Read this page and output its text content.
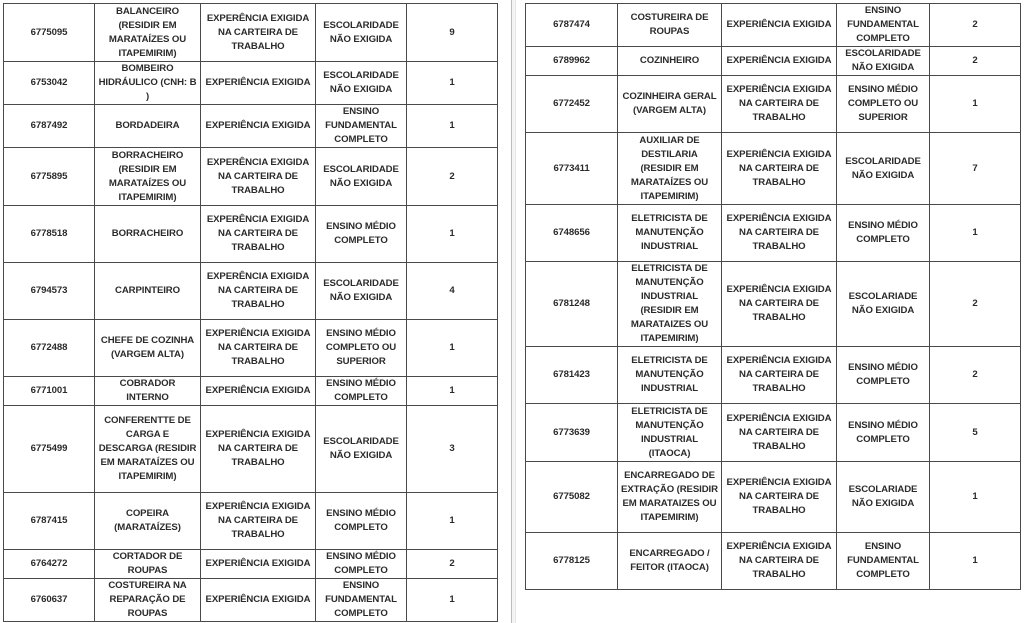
6775095	BALANCEIRO (RESIDIR EM MARATAÍZES OU ITAPEMIRIM)	EXPERÊNCIA EXIGIDA NA CARTEIRA DE TRABALHO	ESCOLARIDADE NÃO EXIGIDA	9
6753042	BOMBEIRO HIDRÁULICO (CNH: B )	EXPERIÊNCIA EXIGIDA	ESCOLARIDADE NÃO EXIGIDA	1
6787492	BORDADEIRA	EXPERIÊNCIA EXIGIDA	ENSINO FUNDAMENTAL COMPLETO	1
6775895	BORRACHEIRO (RESIDIR EM MARATAÍZES OU ITAPEMIRIM)	EXPERÊNCIA EXIGIDA NA CARTEIRA DE TRABALHO	ESCOLARIDADE NÃO EXIGIDA	2
6778518	BORRACHEIRO	EXPERÊNCIA EXIGIDA NA CARTEIRA DE TRABALHO	ENSINO MÉDIO COMPLETO	1
6794573	CARPINTEIRO	EXPERÊNCIA EXIGIDA NA CARTEIRA DE TRABALHO	ESCOLARIDADE NÃO EXIGIDA	4
6772488	CHEFE DE COZINHA (VARGEM ALTA)	EXPERIÊNCIA EXIGIDA NA CARTEIRA DE TRABALHO	ENSINO MÉDIO COMPLETO OU SUPERIOR	1
6771001	COBRADOR INTERNO	EXPERIÊNCIA EXIGIDA	ENSINO MÉDIO COMPLETO	1
6775499	CONFERENTTE DE CARGA E DESCARGA (RESIDIR EM MARATAÍZES OU ITAPEMIRIM)	EXPERIÊNCIA EXIGIDA NA CARTEIRA DE TRABALHO	ESCOLARIDADE NÃO EXIGIDA	3
6787415	COPEIRA (MARATAÍZES)	EXPERIÊNCIA EXIGIDA NA CARTEIRA DE TRABALHO	ENSINO MÉDIO COMPLETO	1
6764272	CORTADOR DE ROUPAS	EXPERIÊNCIA EXIGIDA	ENSINO MÉDIO COMPLETO	2
6760637	COSTUREIRA NA REPARAÇÃO DE ROUPAS	EXPERIÊNCIA EXIGIDA	ENSINO FUNDAMENTAL COMPLETO	1
6787474	COSTUREIRA DE ROUPAS	EXPERIÊNCIA EXIGIDA	ENSINO FUNDAMENTAL COMPLETO	2
6789962	COZINHEIRO	EXPERIÊNCIA EXIGIDA	ESCOLARIDADE NÃO EXIGIDA	2
6772452	COZINHEIRA GERAL (VARGEM ALTA)	EXPERIÊNCIA EXIGIDA NA CARTEIRA DE TRABALHO	ENSINO MÉDIO COMPLETO OU SUPERIOR	1
6773411	AUXILIAR DE DESTILARIA (RESIDIR EM MARATAÍZES OU ITAPEMIRIM)	EXPERIÊNCIA EXIGIDA NA CARTEIRA DE TRABALHO	ESCOLARIDADE NÃO EXIGIDA	7
6748656	ELETRICISTA DE MANUTENÇÃO INDUSTRIAL	EXPERIÊNCIA EXIGIDA NA CARTEIRA DE TRABALHO	ENSINO MÉDIO COMPLETO	1
6781248	ELETRICISTA DE MANUTENÇÃO INDUSTRIAL (RESIDIR EM MARATAIZES OU ITAPEMIRIM)	EXPERIÊNCIA EXIGIDA NA CARTEIRA DE TRABALHO	ESCOLARIADE NÃO EXIGIDA	2
6781423	ELETRICISTA DE MANUTENÇÃO INDUSTRIAL	EXPERIÊNCIA EXIGIDA NA CARTEIRA DE TRABALHO	ENSINO MÉDIO COMPLETO	2
6773639	ELETRICISTA DE MANUTENÇÃO INDUSTRIAL (ITAOCA)	EXPERIÊNCIA EXIGIDA NA CARTEIRA DE TRABALHO	ENSINO MÉDIO COMPLETO	5
6775082	ENCARREGADO DE EXTRAÇÃO (RESIDIR EM MARATAIZES OU ITAPEMIRIM)	EXPERIÊNCIA EXIGIDA NA CARTEIRA DE TRABALHO	ESCOLARIADE NÃO EXIGIDA	1
6778125	ENCARREGADO / FEITOR (ITAOCA)	EXPERIÊNCIA EXIGIDA NA CARTEIRA DE TRABALHO	ENSINO FUNDAMENTAL COMPLETO	1
